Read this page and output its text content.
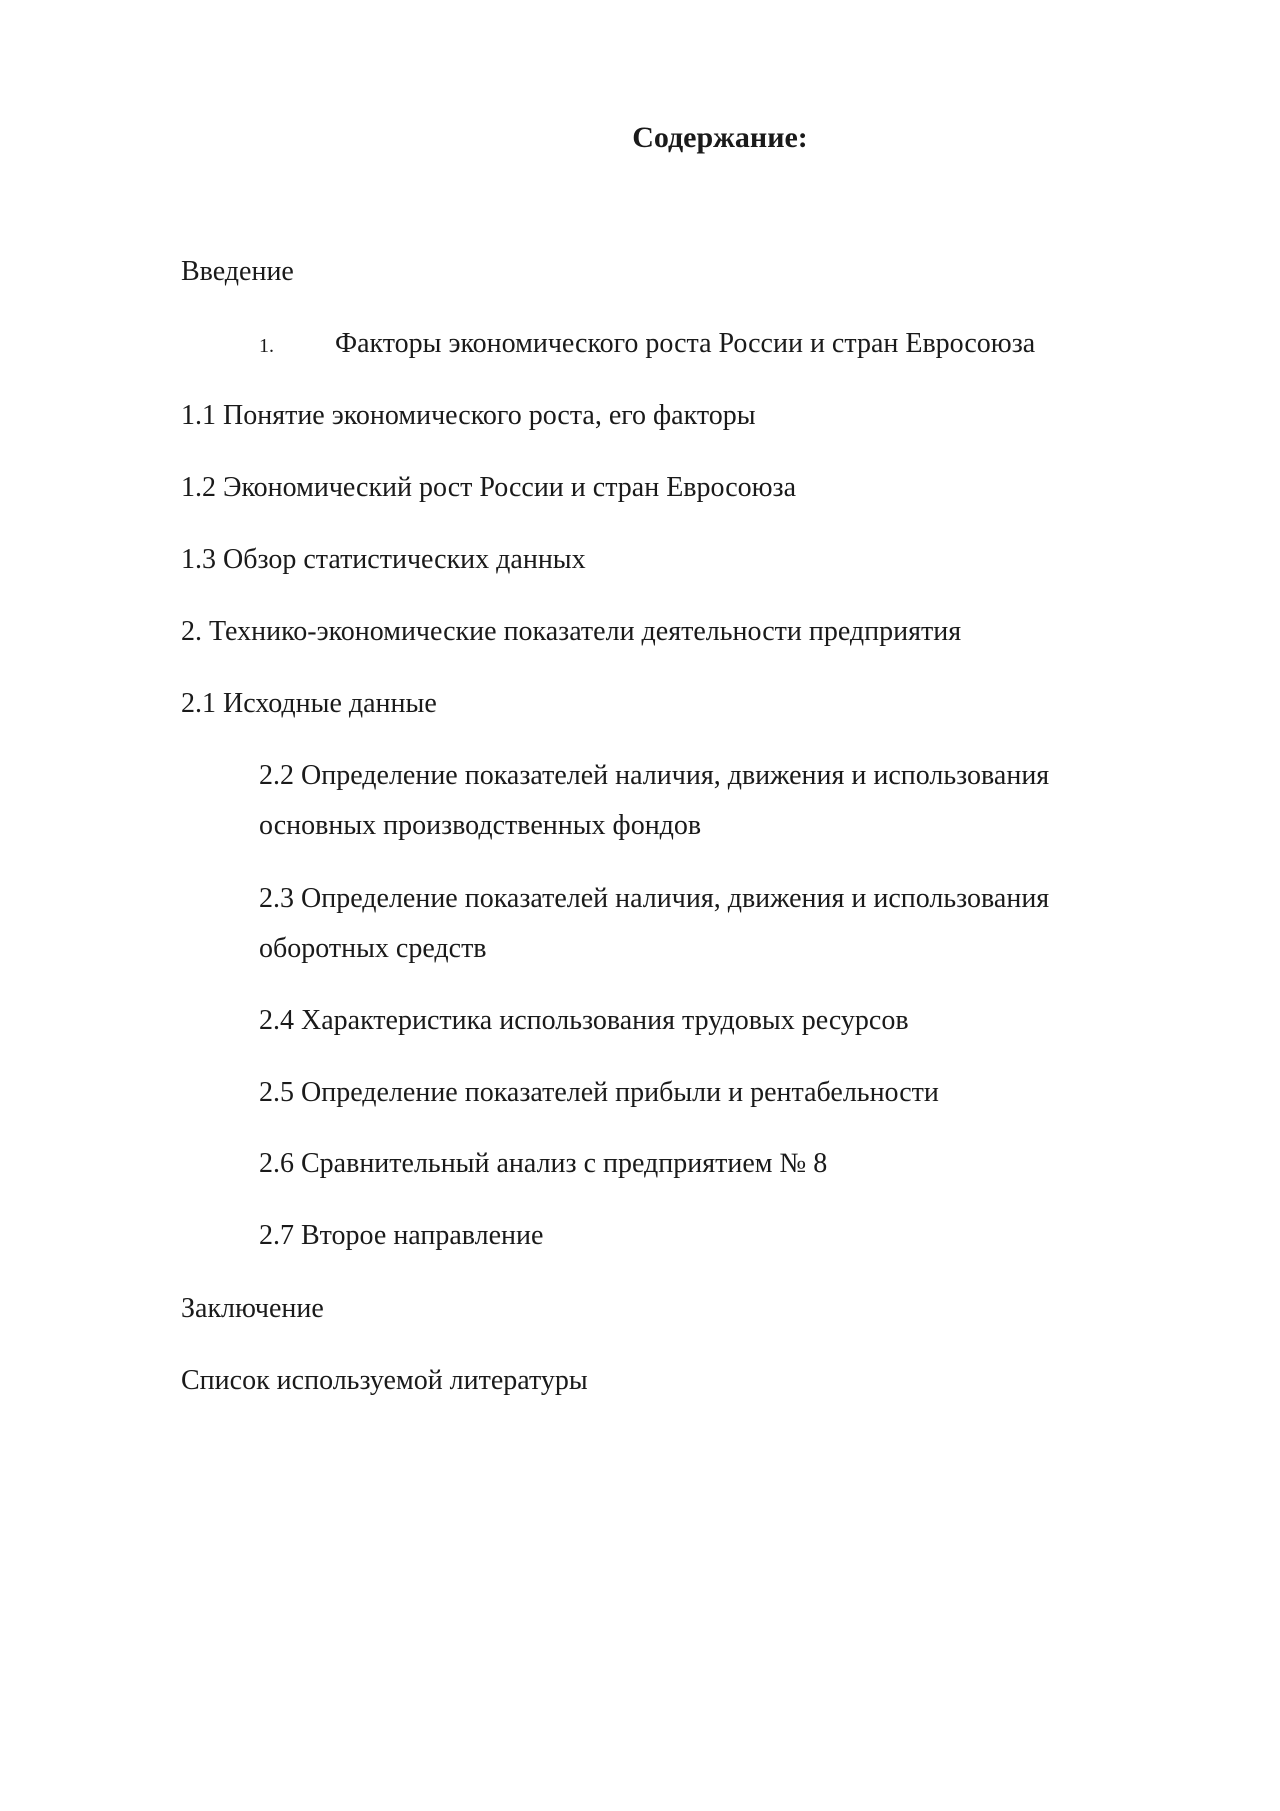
Содержание:
Введение
1. Факторы экономического роста России и стран Евросоюза
1.1 Понятие экономического роста, его факторы
1.2 Экономический рост России и стран Евросоюза
1.3 Обзор статистических данных
2. Технико-экономические показатели деятельности предприятия
2.1 Исходные данные
2.2 Определение показателей наличия, движения и использования основных производственных фондов
2.3 Определение показателей наличия, движения и использования оборотных средств
2.4 Характеристика использования трудовых ресурсов
2.5 Определение показателей прибыли и рентабельности
2.6 Сравнительный анализ с предприятием № 8
2.7 Второе направление
Заключение
Список используемой литературы
